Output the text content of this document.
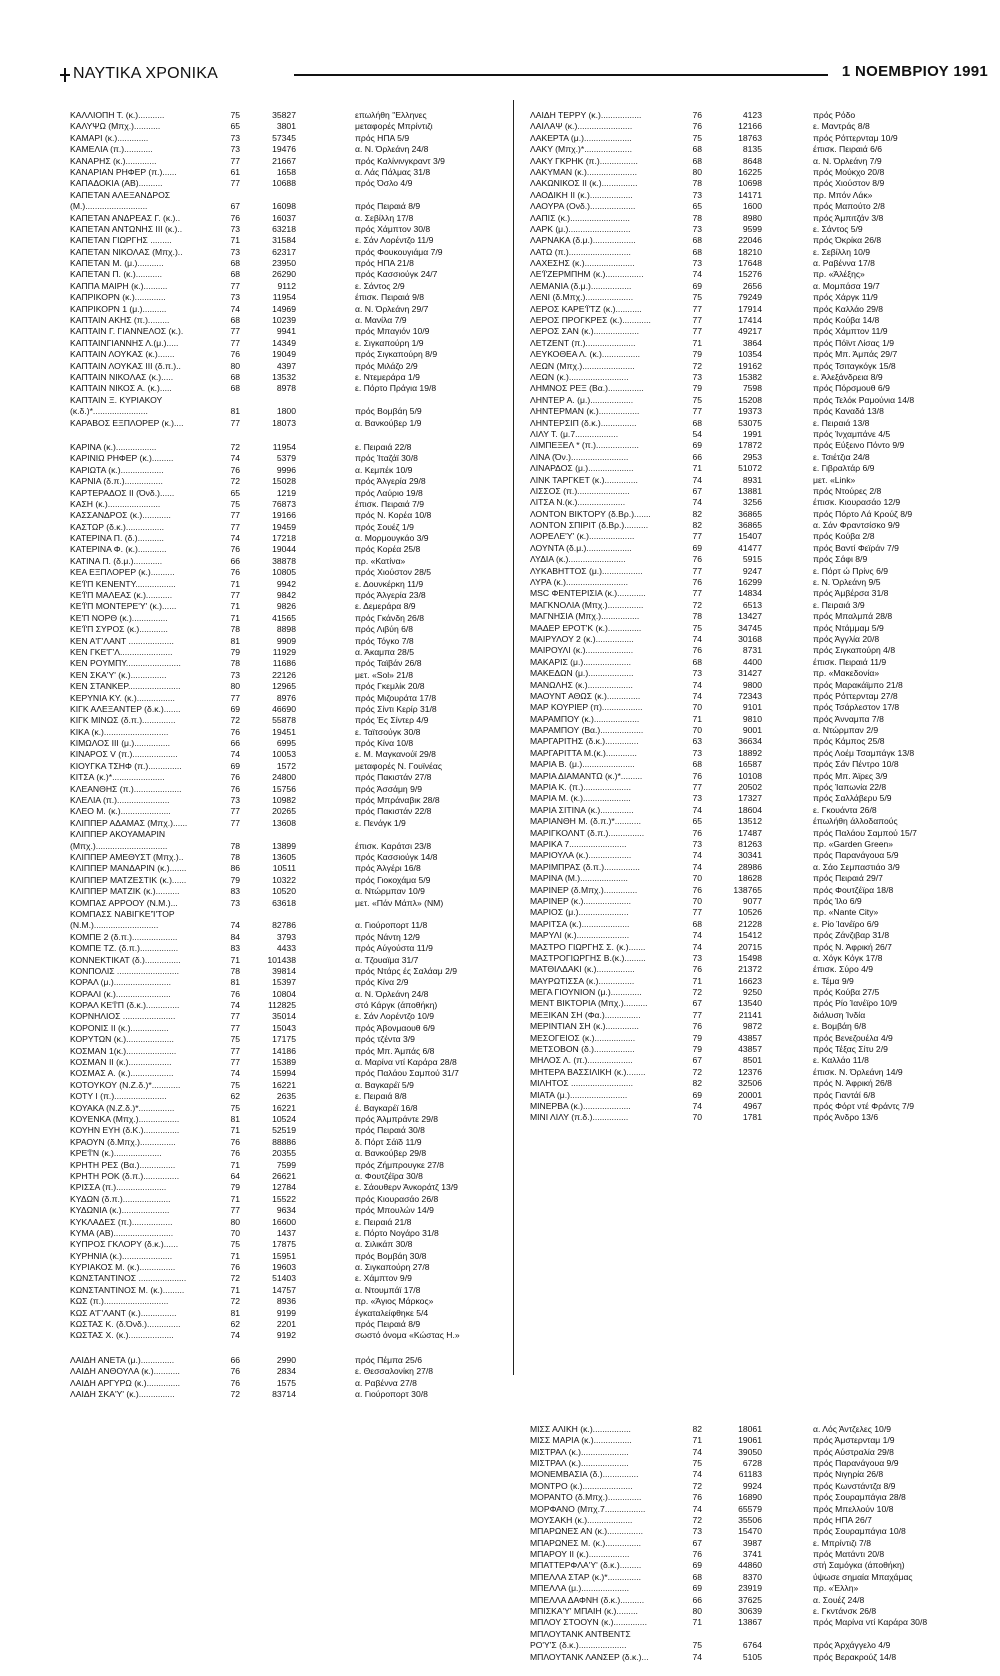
ΝΑΥΤΙΚΑ ΧΡΟΝΙΚΑ	1 ΝΟΕΜΒΡΙΟΥ 1991
ΚΑΛΛΙΟΠΗ Τ. (κ.)...........	75	35827	επωλήθη "Ελληνες
ΚΑΛΥΨΩ (Μπχ.)...........	65	3801	μεταφορές Μπρίντιζι
ΚΑΜΑΡΙ (κ.).............	73	57345	πρός ΗΠΑ 5/9
ΚΑΜΕΛΙΑ (π.)............	73	19476	α. Ν. Όρλεάνη 24/8
ΚΑΝΑΡΗΣ (κ.).............	77	21667	πρός Καλίνινγκραντ 3/9
ΚΑΝΑΡΙΑΝ ΡΗΦΕΡ (π.)......	61	1658	α. Λάς Πάλμας 31/8
ΚΑΠΑΔΟΚΙΑ (ΑΒ)..........	77	10688	πρός Όσλο 4/9
ΚΑΠΕΤΑΝ ΑΛΕΞΑΝΔΡΟΣ
(Μ.)..........................	67	16098	πρός Πειραιά 8/9
ΚΑΠΕΤΑΝ ΑΝΔΡΕΑΣ Γ. (κ.)..	76	16037	α. Σεβίλλη 17/8
ΚΑΠΕΤΑΝ ΑΝΤΩΝΗΣ III (κ.)..	73	63218	πρός Χάμπτον 30/8
ΚΑΠΕΤΑΝ ΓΙΩΡΓΗΣ .........	71	31584	ε. Σάν Λορέντζο 11/9
ΚΑΠΕΤΑΝ ΝΙΚΟΛΑΣ (Μπχ.)..	73	62317	πρός Φουκουγιάμα 7/9
ΚΑΠΕΤΑΝ Μ. (μ.)...........	68	23950	πρός ΗΠΑ 21/8
ΚΑΠΕΤΑΝ Π. (κ.)...........	68	26290	πρός Κασσιούγκ 24/7
ΚΑΠΠΑ ΜΑΙΡΗ (κ.)..........	77	9112	ε. Σάντος 2/9
ΚΑΠΡΙΚΟΡΝ (κ.).............	73	11954	έπισκ. Πειραιά 9/8
ΚΑΠΡΙΚΟΡΝ 1 (μ.)..........	74	14969	α. Ν. Όρλεάνη 29/7
ΚΑΠΤΑΙΝ ΑΚΗΣ (π.).........	68	10239	α. Μανίλα 7/9
ΚΑΠΤΑΙΝ Γ. ΓΙΑΝΝΕΛΟΣ (κ.).	77	9941	πρός Μπαγιόν 10/9
ΚΑΠΤΑΙΝΓΙΑΝΝΗΣ Λ.(μ.).....	77	14349	ε. Σιγκαπούρη 1/9
ΚΑΠΤΑΙΝ ΛΟΥΚΑΣ (κ.).......	76	19049	πρός Σιγκαπούρη 8/9
ΚΑΠΤΑΙΝ ΛΟΥΚΑΣ III (δ.π.)..	80	4397	πρός Μιλάζο 2/9
ΚΑΠΤΑΙΝ ΝΙΚΟΛΑΣ (κ.).....	68	13532	ε. Ντεμεράρα 1/9
ΚΑΠΤΑΙΝ ΝΙΚΟΣ Α. (κ.).....	68	8978	ε. Πόρτο Πράγια 19/8
ΚΑΠΤΑΙΝ Ξ. ΚΥΡΙΑΚΟΥ
(κ.δ.)*.......................	81	1800	πρός Βομβάη 5/9
ΚΑΡΑΒΟΣ ΕΞΠΛΟΡΕΡ (κ.)....	77	18073	α. Βανκούβερ 1/9
ΚΑΡΙΝΑ (κ.).................	72	11954	ε. Πειραιά 22/8
ΚΑΡΙΝΙΩ ΡΗΦΕΡ (κ.).........	74	5379	πρός Ίταζάϊ 30/8
ΚΑΡΙΩΤΑ (κ.)..................	76	9996	α. Κεμπέκ 10/9
ΚΑΡΝΙΑ (δ.π.)................	72	15028	πρός Άλγερία 29/8
ΚΑΡΤΕΡΑΔΟΣ II (Όνδ.)......	65	1219	πρός Λαύριο 19/8
ΚΑΣΗ (κ.)......................	75	76873	έπισκ. Πειραιά 7/9
ΚΑΣΣΑΝΔΡΟΣ (κ.)............	77	19166	πρός Ν. Κορέα 10/8
ΚΑΣΤΩΡ (δ.κ.)................	77	19459	πρός Σουέζ 1/9
ΚΑΤΕΡΙΝΑ Π. (δ.)...........	74	17218	α. Μορμουγκάο 3/9
ΚΑΤΕΡΙΝΑ Φ. (κ.)............	76	19044	πρός Κορέα 25/8
ΚΑΤΙΝΑ Π. (δ.μ.)............	66	38878	πρ. «Κατίνα»
ΚΕΑ ΕΞΠΛΟΡΕΡ (κ.)..........	76	10805	πρός Χιούστον 28/5
ΚΕ'Ϊ'Π ΚΕΝΕΝΤΥ.................	71	9942	ε. Δουνκέρκη 11/9
ΚΕ'Ϊ'Π ΜΑΛΕΑΣ (κ.)...........	77	9842	πρός Άλγερία 23/8
ΚΕ'Ϊ'Π ΜΟΝΤΕΡΕ'Υ' (κ.)......	71	9826	ε. Δεμεράρα 8/9
ΚΕ'Π ΝΟΡΘ (κ.)...............	71	41565	πρός Γκάνδη 26/8
ΚΕ'Ϊ'Π ΣΥΡΟΣ (κ.)............	78	8898	πρός Λιβύη 6/8
ΚΕΝ Α'Γ'ΛΑΝΤ ...................	81	9909	πρός Τόγκο 7/8
ΚΕΝ ΓΚΕ'Γ'Λ......................	79	11929	α. Άκαμπα 28/5
ΚΕΝ ΡΟΥΜΠΥ.......................	78	11686	πρός Ταϊβάν 26/8
ΚΕΝ ΣΚΑ'Υ' (κ.)...............	73	22126	μετ. «Sol» 21/8
ΚΕΝ ΣΤΑΝΚΕΡ......................	80	12965	πρός Γκεμλίκ 20/8
ΚΕΡΥΝΙΑ ΚΥ. (κ.)................	77	8976	πρός Μιζουράτα 17/8
ΚΙΓΚ ΑΛΕΞΑΝΤΕΡ (δ.κ.).......	69	46690	πρός Σίντι Κερίρ 31/8
ΚΙΓΚ ΜΙΝΩΣ (δ.π.)..............	72	55878	πρός Ές Σίντερ 4/9
ΚΙΚΑ (κ.)...........................	76	19451	ε. Ταϊτσούγκ 30/8
ΚΙΜΩΛΟΣ III (μ.)...............	66	6995	πρός Κίνα 10/8
ΚΙΝΑΡΟΣ V (π.)...................	74	10053	ε. Μ. Μαγκανούϊ 29/8
ΚΙΟΥΓΚΑ ΤΣΗΦ (π.)..............	69	1572	μεταφορές Ν. Γουϊνέας
ΚΙΤΣΑ (κ.)*......................	76	24800	πρός Πακιστάν 27/8
ΚΛΕΑΝΘΗΣ (π.)....................	76	15756	πρός Άσσάμη 9/9
ΚΛΕΛΙΑ (π.)......................	73	10982	πρός Μπράναβικ 28/8
ΚΛΕΟ Μ. (κ.).....................	77	20265	πρός Πακιστάν 22/8
ΚΛΙΠΠΕΡ ΑΔΑΜΑΣ (Μπχ.)......	77	13608	ε. Πενάγκ 1/9
ΚΛΙΠΠΕΡ ΑΚΟΥΑΜΑΡΙΝ
(Μπχ.)..............................	78	13899	έπισκ. Καράτσι 23/8
ΚΛΙΠΠΕΡ ΑΜΕΘΥΣΤ (Μπχ.)..	78	13605	πρός Κασσιούγκ 14/8
ΚΛΙΠΠΕΡ ΜΑΝΔΑΡΙΝ (κ.).......	86	10511	πρός Άλγέρι 16/8
ΚΛΙΠΠΕΡ ΜΑΤΖΕΣΤΙΚ (κ.)......	79	10322	πρός Γιοκοχάμα 5/9
ΚΛΙΠΠΕΡ ΜΑΤΖΙΚ (κ.)..........	83	10520	α. Ντώρμπαν 10/9
ΚΟΜΠΑΣ ΑΡΡΟΟΥ (Ν.Μ.)...	73	63618	μετ. «Πάν Μάπλ» (ΝΜ)
ΚΟΜΠΑΣΣ ΝΑΒΙΓΚΕ'Ί'ΤΟΡ
(Ν.Μ.)...........................	74	82786	α. Γιούροπορτ 11/8
ΚΟΜΠΕ 2 (δ.π.)...................	84	3793	πρός Νάντη 12/9
ΚΟΜΠΕ ΤΖ. (δ.π.)................	83	4433	πρός Αύγούστα 11/9
ΚΟΝΝΕΚΤΙΚΑΤ (δ.)...............	71	101438	α. Τζουαϊμα 31/7
ΚΟΝΠΟΛΙΣ ..........................	78	39814	πρός Ντάρς ές Σαλάαμ 2/9
ΚΟΡΑΛ (μ.)........................	81	15397	πρός Κίνα 2/9
ΚΟΡΑΛΙ (κ.).......................	76	10804	α. Ν. Όρλεάνη 24/8
ΚΟΡΑΛ ΚΕ'Ϊ'Π (δ.κ.)..............	74	112825	στό Κάργκ (άποθήκη)
ΚΟΡΝΗΛΙΟΣ ......................	77	35014	ε. Σάν Λορέντζο 10/9
ΚΟΡΟΝΙΣ II (κ.)................	77	15043	πρός Άβονμαουθ 6/9
ΚΟΡΥΤΩΝ (κ.)....................	75	17175	πρός τζέντα 3/9
ΚΟΣΜΑΝ 1(κ.).....................	77	14186	πρός Μπ. Άμπάς 6/8
ΚΟΣΜΑΝ II (κ.)..................	77	15389	α. Μαρίνα ντί Καράρα 28/8
ΚΟΣΜΑΣ Α. (κ.)..................	74	15994	πρός Παλάου Σαμπού 31/7
ΚΟΤΟΥΚΟΥ (Ν.Ζ.δ.)*............	75	16221	α. Βαγκαρέϊ 5/9
ΚΟΤΥ I (π.)......................	62	2635	ε. Πειραιά 8/8
ΚΟΥΑΚΑ (Ν.Ζ.δ.)*...............	75	16221	έ. Βαγκαρέϊ 16/8
ΚΟΥΕΝΚΑ (Μπχ.).................	81	10524	πρός Άλμπράντε 29/8
ΚΟΥΗΝ ΕΥΗ (δ.Κ.)...............	71	52519	πρός Πειραιά 30/8
ΚΡΑΟΥΝ (δ.Μπχ.)...............	76	88886	δ. Πόρτ Σάϊδ 11/9
ΚΡΕ'Ϊ'Ν (κ.)....................	76	20355	α. Βανκούβερ 29/8
ΚΡΗΤΗ ΡΕΣ (Βα.)...............	71	7599	πρός Ζήμπρουγκε 27/8
ΚΡΗΤΗ ΡΟΚ (δ.π.)...............	64	26621	α. Φουτζέϊρα 30/8
ΚΡΙΣΣΑ (π.).....................	79	12784	ε. Σάουθερν Άνκοράτζ 13/9
ΚΥΔΩΝ (δ.π.)....................	71	15522	πρός Κιουρασάο 26/8
ΚΥΔΩΝΙΑ (κ.)....................	77	9634	πρός Μπουλών 14/9
ΚΥΚΛΑΔΕΣ (π.).................	80	16600	ε. Πειραιά 21/8
ΚΥΜΑ (ΑΒ).........................	70	1437	ε. Πόρτο Νογάρο 31/8
ΚΥΠΡΟΣ ΓΚΛΟΡΥ (δ.κ.)......	75	17875	α. Σιλικάπ 30/8
ΚΥΡΗΝΙΑ (κ.).....................	71	15951	πρός Βομβάη 30/8
ΚΥΡΙΑΚΟΣ Μ. (κ.)...............	76	19603	α. Σιγκαπούρη 27/8
ΚΩΝΣΤΑΝΤΙΝΟΣ ....................	72	51403	ε. Χάμπτον 9/9
ΚΩΝΣΤΑΝΤΙΝΟΣ Μ. (κ.).........	71	14757	α. Ντουμπάϊ 17/8
ΚΩΣ (π.)...........................	72	8936	πρ. «Άγιος Μάρκος»
ΚΩΣ Α'Γ'ΛΑΝΤ (κ.)...............	81	9199	έγκαταλείφθηκε 5/4
ΚΩΣΤΑΣ Κ. (δ.Όνδ.)..............	62	2201	πρός Πειραιά 8/9
ΚΩΣΤΑΣ Χ. (κ.)...................	74	9192	σωστό όνομα «Κώστας Η.»
ΛΑΙΔΗ ΑΝΕΤΑ (μ.)..............	66	2990	πρός Πέμπα 25/6
ΛΑΙΔΗ ΑΝΘΟΥΛΑ (κ.)...........	76	2834	ε. Θεσσαλονίκη 27/8
ΛΑΙΔΗ ΑΡΓΥΡΩ (κ.)..............	76	1575	α. Ραβέννα 27/8
ΛΑΙΔΗ ΣΚΑ'Υ' (κ.)...............	72	83714	α. Γιούροπορτ 30/8
ΛΑΙΔΗ ΤΕΡΡΥ (κ.).................	76	4123	πρός Ρόδο
ΛΑΙΛΑΨ (κ.).......................	76	12166	ε. Μαντράς 8/8
ΛΑΚΕΡΤΑ (μ.)....................	75	18763	πρός Ρόττερνταμ 10/9
ΛΑΚΥ (Μπχ.)*....................	68	8135	έπισκ. Πειραιά 6/6
ΛΑΚΥ ΓΚΡΗΚ (π.)................	68	8648	α. Ν. Όρλεάνη 7/9
ΛΑΚΥΜΑΝ (κ.).....................	80	16225	πρός Μούκχο 20/8
ΛΑΚΩΝΙΚΟΣ II (κ.)...............	78	10698	πρός Χιούστον 8/9
ΛΑΟΔΙΚΗ II (κ.)..................	73	14171	πρ. Μπόν Λάκ»
ΛΑΟΥΡΑ (Ονδ.)...................	65	1600	πρός Μαπούτο 2/8
ΛΑΠΙΣ (κ.).........................	78	8980	πρός Άμπιτζάν 3/8
ΛΑΡΚ (μ.)..........................	73	9599	ε. Σάντος 5/9
ΛΑΡΝΑΚΑ (δ.μ.)..................	68	22046	πρός Όκρίκα 26/8
ΛΑΤΩ (π.)..........................	68	18210	ε. Σεβίλλη 10/9
ΛΑΧΕΣΗΣ (κ.).....................	73	17648	α. Ραβέννα 17/8
ΛΕ'Ϊ'ΖΕΡΜΠΗΜ (κ.)................	74	15276	πρ. «Άλέξης»
ΛΕΜΑΝΙΑ (δ.μ.).................	69	2656	α. Μομπάσα 19/7
ΛΕΝΙ (δ.Μπχ.)....................	75	79249	πρός Χάργκ 11/9
ΛΕΡΟΣ ΚΑΡΕ'Ϊ'ΤΖ (κ.)...........	77	17914	πρός Καλλάο 29/8
ΛΕΡΟΣ ΠΡΟΓΚΡΕΣ (κ.)............	77	17414	πρός Κούβα 14/8
ΛΕΡΟΣ ΣΑΝ (κ.)...................	77	49217	πρός Χάμπτον 11/9
ΛΕΤΖΕΝΤ (π.).....................	71	3864	πρός Πόϊντ Λίσας 1/9
ΛΕΥΚΟΘΕΑ Λ. (κ.)................	79	10354	πρός Μπ. Άμπάς 29/7
ΛΕΩΝ (Μπχ.)......................	72	19162	πρός Τσιταγκόγκ 15/8
ΛΕΩΝ (κ.).........................	73	15382	ε. Άλεξάνδρεια 8/9
ΛΗΜΝΟΣ ΡΕΞ (Βα.)...............	79	7598	πρός Πόρσμουθ 6/9
ΛΗΝΤΕΡ Α. (μ.)..................	75	15208	πρός Τελόκ Ραμούνια 14/8
ΛΗΝΤΕΡΜΑΝ (κ.).................	77	19373	πρός Καναδά 13/8
ΛΗΝΤΕΡΣΙΠ (δ.κ.)...............	68	53075	ε. Πειραιά 13/8
ΛΙΛΥ Τ. (μ.7..................	54	1991	πρός Ίνχαμπάνε 4/5
ΛΙΜΠΕΞΕΛ * (π.)..................	69	17872	πρός Εύξεινο Πόντο 9/9
ΛΙΝΑ (Όν.)........................	66	2953	ε. Τσιέτζια 24/8
ΛΙΝΑΡΔΟΣ (μ.)...................	71	51072	ε. Γιβραλτάρ 6/9
ΛΙΝΚ ΤΑΡΓΚΕΤ (κ.)..............	74	8931	μετ. «Link»
ΛΙΣΣΟΣ (π.)......................	67	13881	πρός Ντούρες 2/8
ΛΙΤΣΑ Ν.(κ.)....................	74	3256	έπισκ. Κιουρασάο 12/9
ΛΟΝΤΟΝ ΒΙΚΤΟΡΥ (δ.Βρ.).......	82	36865	πρός Πόρτο Λά Κρούζ 8/9
ΛΟΝΤΟΝ ΣΠΙΡΙΤ (δ.Βρ.)..........	82	36865	α. Σάν Φραντσίσκο 9/9
ΛΟΡΕΛΕ'Υ' (κ.)...................	77	15407	πρός Κούβα 2/8
ΛΟΥΝΤΑ (δ.μ.)...................	69	41477	πρός Βαντί Φεϊράν 7/9
ΛΥΔΙΑ (κ.)........................	76	5915	πρός Σάφι 8/9
ΛΥΚΑΒΗΤΤΟΣ (μ.).................	77	9247	ε. Πόρτ ώ Πρίνς 6/9
ΛΥΡΑ (κ.)..........................	76	16299	ε. Ν. Όρλεάνη 9/5
MSC ΦΕΝΤΕΡΙΣΙΑ (κ.)............	77	14834	πρός Άμβέρσα 31/8
ΜΑΓΚΝΟΛΙΑ (Μπχ.)...............	72	6513	ε. Πειραιά 3/9
ΜΑΓΝΗΣΙΑ (Μπχ.)................	78	13427	πρός Μπαλμπά 28/8
ΜΑΔΕΡ ΕΡΟΤ'Κ (κ.)..............	75	34745	πρός Ντάμμαμ 5/9
ΜΑΙΡΥΛΟΥ 2 (κ.)................	74	30168	πρός Άγγλία 20/8
ΜΑΙΡΟΥΛΙ (κ.)....................	76	8731	πρός Σιγκαπούρη 4/8
ΜΑΚΑΡΙΣ (μ.)....................	68	4400	έπισκ. Πειραιά 11/9
ΜΑΚΕΔΩΝ (μ.)...................	73	31427	πρ. «Μακεδονία»
ΜΑΝΩΛΗΣ (κ.)...................	74	9800	πρός Μαρακάϊμπο 21/8
ΜΑΟΥΝΤ ΑΘΩΣ (κ.)..............	74	72343	πρός Ρόττερνταμ 27/8
ΜΑΡ ΚΟΥΡΙΕΡ (π).................	70	9101	πρός Τσάρλεστον 17/8
ΜΑΡΑΜΠΟΥ (κ.)...................	71	9810	πρός Άνναμπα 7/8
ΜΑΡΑΜΠΟΥ (Βα.)..................	70	9001	α. Ντώρμπαν 2/9
ΜΑΡΓΑΡΙΤΗΣ (δ.κ.)..............	63	36634	πρός Κάμπος 25/8
ΜΑΡΓΑΡΙΤΤΑ Μ.(κ.).............	73	18892	πρός Λοέμ Τσαμπάγκ 13/8
ΜΑΡΙΑ Β. (μ.)......................	68	16587	πρός Σάν Πέντρο 10/8
ΜΑΡΙΑ ΔΙΑΜΑΝΤΩ (κ.)*.........	76	10108	πρός Μπ. Άϊρες 3/9
ΜΑΡΙΑ Κ. (π.)....................	77	20502	πρός Ίαπωνία 22/8
ΜΑΡΙΑ Μ. (κ.)....................	73	17327	πρός Σαλλάβερυ 5/9
ΜΑΡΙΑ ΣΙΤΙΝΑ (κ.)..............	74	18604	ε. Γκουάντα 26/8
ΜΑΡΙΑΝΘΗ Μ. (δ.π.)*...........	65	13512	έπωλήθη άλλοδαπούς
ΜΑΡΙΓΚΟΛΝΤ (δ.π.)...............	76	17487	πρός Παλάου Σαμπού 15/7
ΜΑΡΙΚΑ 7........................	73	81263	πρ. «Garden Green»
ΜΑΡΙΟΥΛΑ (κ.)..................	74	30341	πρός Παρανάγουα 5/9
ΜΑΡΙΜΠΡΑΣ (δ.π.)...............	74	28986	α. Σάο Σεμπαστιάο 3/9
ΜΑΡΙΝΑ (Μ.)....................	70	18628	πρός Πειραιά 29/7
ΜΑΡΙΝΕΡ (δ.Μπχ.)..............	76	138765	πρός Φουτζέϊρα 18/8
ΜΑΡΙΝΕΡ (κ.)....................	70	9077	πρός Ίλο 6/9
ΜΑΡΙΟΣ (μ.).....................	77	10526	πρ. «Nante City»
ΜΑΡΙΤΣΑ (κ.)....................	68	21228	ε. Ρίο Ίανέϊρο 6/9
ΜΑΡΥΛΙ (κ.)......................	74	15412	πρός Ζάνζιβαρ 31/8
ΜΑΣΤΡΟ ΓΙΩΡΓΗΣ Σ. (κ.).......	74	20715	πρός Ν. Άφρική 26/7
ΜΑΣΤΡΟΓΙΩΡΓΗΣ Β.(κ.).........	73	15498	α. Χόγκ Κόγκ 17/8
ΜΑΤΘΙΛΔΑΚΙ (κ.)................	76	21372	έπισκ. Σύρο 4/9
ΜΑΥΡΩΤΙΣΣΑ (κ.)...............	71	16623	ε. Τέμα 9/9
ΜΕΓΑ ΓΙΟΥΝΙΟΝ (μ.).............	72	9250	πρός Κούβα 27/5
ΜΕΝΤ ΒΙΚΤΟΡΙΑ (Μπχ.)..........	67	13540	πρός Ρίο Ίανέϊρο 10/9
ΜΕΞΙΚΑΝ ΣΗ (Φα.)...............	77	21141	διάλυση Ίνδία
ΜΕΡΙΝΤΙΑΝ ΣΗ (κ.)..............	76	9872	ε. Βομβάη 6/8
ΜΕΣΟΓΕΙΟΣ (κ.).................	79	43857	πρός Βενεζουέλα 4/9
ΜΕΤΣΟΒΟΝ (δ.).................	79	43857	πρός Τέξας Σίτυ 2/9
ΜΗΛΟΣ Λ. (π.)...................	67	8501	ε. Καλλάο 11/8
ΜΗΤΕΡΑ ΒΑΣΣΙΛΙΚΗ (κ.)........	72	12376	έπισκ. Ν. Όρλεάνη 14/9
ΜΙΛΗΤΟΣ ..........................	82	32506	πρός Ν. Άφρική 26/8
ΜΙΑΤΑ (μ.)........................	69	20001	πρός Γιαντάί 6/8
ΜΙΝΕΡΒΑ (κ.)....................	74	4967	πρός Φόρτ ντέ Φράντς 7/9
ΜΙΝΙ ΛΙΛΥ (π.δ.)...............	70	1781	πρός Άνδρο 13/6
ΜΙΣΣ ΑΛΙΚΗ (κ.)................	82	18061	α. Λός Άντζελες 10/9
ΜΙΣΣ ΜΑΡΙΑ (κ.)................	71	19061	πρός Άμστερνταμ 1/9
ΜΙΣΤΡΑΛ (κ.)....................	74	39050	πρός Αύστραλία 29/8
ΜΙΣΤΡΑΛ (κ.)....................	75	6728	πρός Παρανάγουα 9/9
ΜΟΝΕΜΒΑΣΙΑ (δ.)...............	74	61183	πρός Νιγηρία 26/8
ΜΟΝΤΡΟ (κ.).....................	72	9924	πρός Κωνστάντζα 8/9
ΜΟΡΑΝΤΟ (δ.Μπχ.)..............	76	16890	πρός Σουραμπάγια 28/8
ΜΟΡΦΑΝΟ (Μπχ.7.................	74	65579	πρός Μπελλούν 10/8
ΜΟΥΣΑΚΗ (κ.)...................	72	35506	πρός ΗΠΑ 26/7
ΜΠΑΡΩΝΕΣ ΑΝ (κ.)...............	73	15470	πρός Σουραμπάγια 10/8
ΜΠΑΡΩΝΕΣ Μ. (κ.)...............	67	3987	ε. Μπρίντιζι 7/8
ΜΠΑΡΟΥ II (κ.).................	76	3741	πρός Ματάντι 20/8
ΜΠΑΤΤΕΡΦΛΑ'Υ' (δ.κ.).........	69	44860	στή Σαμόγκα (άποθήκη)
ΜΠΕΛΛΑ ΣΤΑΡ (κ.)*..............	68	8370	ύψωσε σημαία Μπαχάμας
ΜΠΕΛΛΑ (μ.)....................	69	23919	πρ. «Έλλη»
ΜΠΕΛΛΑ ΔΑΦΝΗ (δ.κ.)..........	66	37625	α. Σουέζ 24/8
ΜΠΙΣΚΑ'Υ' ΜΠΑΙΗ (κ.).........	80	30639	ε. Γκντάνσκ 26/8
ΜΠΛΟΥ ΣΤΟΟΥΝ (κ.)..............	71	13867	πρός Μαρίνα ντί Καράρα 30/8
ΜΠΛΟΥΤΑΝΚ ΑΝΤΒΕΝΤΣ
ΡΟ'Υ'Σ (δ.κ.)....................	75	6764	πρός Άρχάγγελο 4/9
ΜΠΛΟΥΤΑΝΚ ΛΑΝΣΕΡ (δ.κ.)...	74	5105	πρός Βερακρούζ 14/8
